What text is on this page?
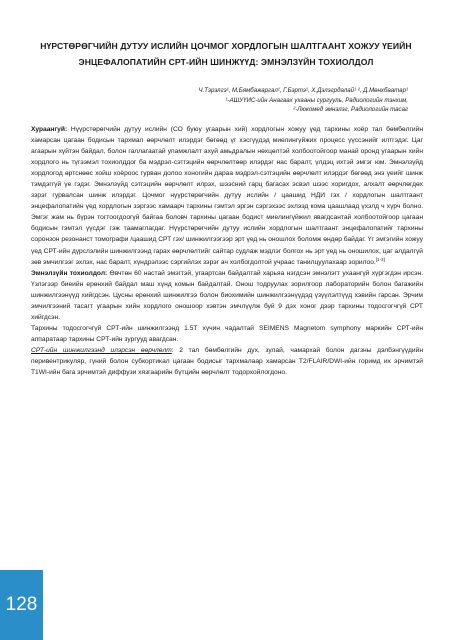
НҮРСТӨРӨГЧИЙН ДУТУУ ИСЛИЙН ЦОЧМОГ ХОРДЛОГЫН ШАЛТГААНТ ХОЖУУ ҮЕИЙН
ЭНЦЕФАЛОПАТИЙН СРТ-ИЙН ШИНЖҮҮД: ЭМНЭЛЗҮЙН ТОХИОЛДОЛ
Ч.Тэрэлгэ¹, М.Бямбажаргал¹, Г.Бэртэ¹, Х.Дэлэгрдалай¹ ², Д.Мөнхбаатар¹
¹-АШУҮИС-ийн Анагаах ухааны сургууль, Радиологийн тэнхим,
²-Люкомед эмнэлэг, Радиологийн тасаг

Хураангуй: Нүүрстөрөгчийн дутуу ислийн (СО буюу угаарын хий) хордлогын хожуу үед тархины хоёр тал бөмбөлгийн хамарсан цагаан бодисын тархмал өөрчлөлт илэрдэг бөгөөд үг хэсгүүдэд миелингүйжих процесс үүссэнийг илтгэдэг. Цаг агаарын хүйтэн байдал, болон галлагаатай упамжлалт ахуй амьдралын нөхцөлтэй холбоотойгоор манай оронд угаарын хийн хордлого нь түгээмэл тохиолддог ба мэдрэл-сэтгэцийн өөрчлөлтөөр илэрдэг нас баралт, үлдэц ихтэй эмгэг юм. Эмнэлзүйд хордлогод өртснөөс хойш хоёроос гурван долоо хоногийн дараа мэдрэл-сэтгэцийн өөрчлөлт илэрдэг бөгөөд энэ үеийг шинж тэмдэггүй үе гэдэг. Эмнэлзүйд сэтгэцийн өөрчлөлт илрэх, шээсний гарц багасах эсвэл шээс хоригдох, алхалт өөрчлөгдөх зэрэг гурвалсан шинж илэрдэг. Цочмог нүүрстөрөгчийн дутуу ислийн / цаашид НДИ гэх / хордлогын шалтгаант энцефалопатийн үед хордлогын зэргээс хамаарч тархины гэмтэл эргэн сэргэхээс эхлээд кома цаашлаад үхэлд ч хүрч болно. Эмгэг жам нь бүрэн тогтоогдоогүй байгаа боловч тархины цагаан бодист миелингүйжил явагдсантай холбоотойгоор цагаан бодисын гэмтэл үүсдэг гэж таамаглагдаг. Нүүрстөрөгчийн дутуу ислийн хордлогын шалтгаант энцефалопатийг тархины соронзон резонанст томографи /цаашид СРТ гэх/ шинжилгээгээр эрт үед нь оношлох боломж өндөр байдаг. Үг эмгэгийн хожуу үед СРТ-ийн дүрслэлийн шинжилгээнд гарах өөрчлөлтийг сайтар судлаж мэдлэг болгох нь эрт үед нь оношилох, цаг алдалгүй зөв эмчилгээг эхлэх, нас баралт, хүндрэлээс сэргийлэх зэрэг ач холбогдолтой учраас танилцуулахаар зорилоо.[1-3]

Эмнэлзүйн тохиолдол: Өвчтөн 60 настай эмэгтэй, угаартсан байдалтай харьяа нэгдсэн эмнэлэгт ухаангүй хүргэгдэн ирсэн. Үзлэгээр биеийн ерөнхий байдал маш хүнд комын байдалтай. Онош тодруулах зорилгоор лабораторийн болон багажийн шинжилгээнүүд хийгдсэн. Цусны ерөнхий шинжилгээ болон биохимийн шинжилгээнүүдэд үзүүлэлтүүд хэвийн гарсан. Эрчим эмчилгээний тасагт угаарын хийн хордлого оношоор хэвтэн эмчлүүлж буй 9 дэх хоног дээр тархины тодосгогчгүй СРТ хийгдсэн.

Тархины тодосгогчгүй СРТ-ийн шинжилгээнд 1.5Т хүчин чадалтай SEIMENS Magnetom symphony маркийн СРТ-ийн аппаратаар тархины СРТ-ийн зургууд авагдсан.

СРТ-ийн шинжилгээнд илэрсэн өөрчлөлт: 2 тал бөмбөлгийн дух, зулай, чамархай болон дагзны дэлбэнгүүдийн перивентрикуляр, гүний болон субкортикал цагаан бодисыг тархмалаар хамарсан T2/FLAIR/DWI-ийн горимд их эрчимтэй T1WI-ийн бага эрчимтэй диффузи хязгаарийн бүтцийн өөрчлөлт тодорхойлогдоно.

128
